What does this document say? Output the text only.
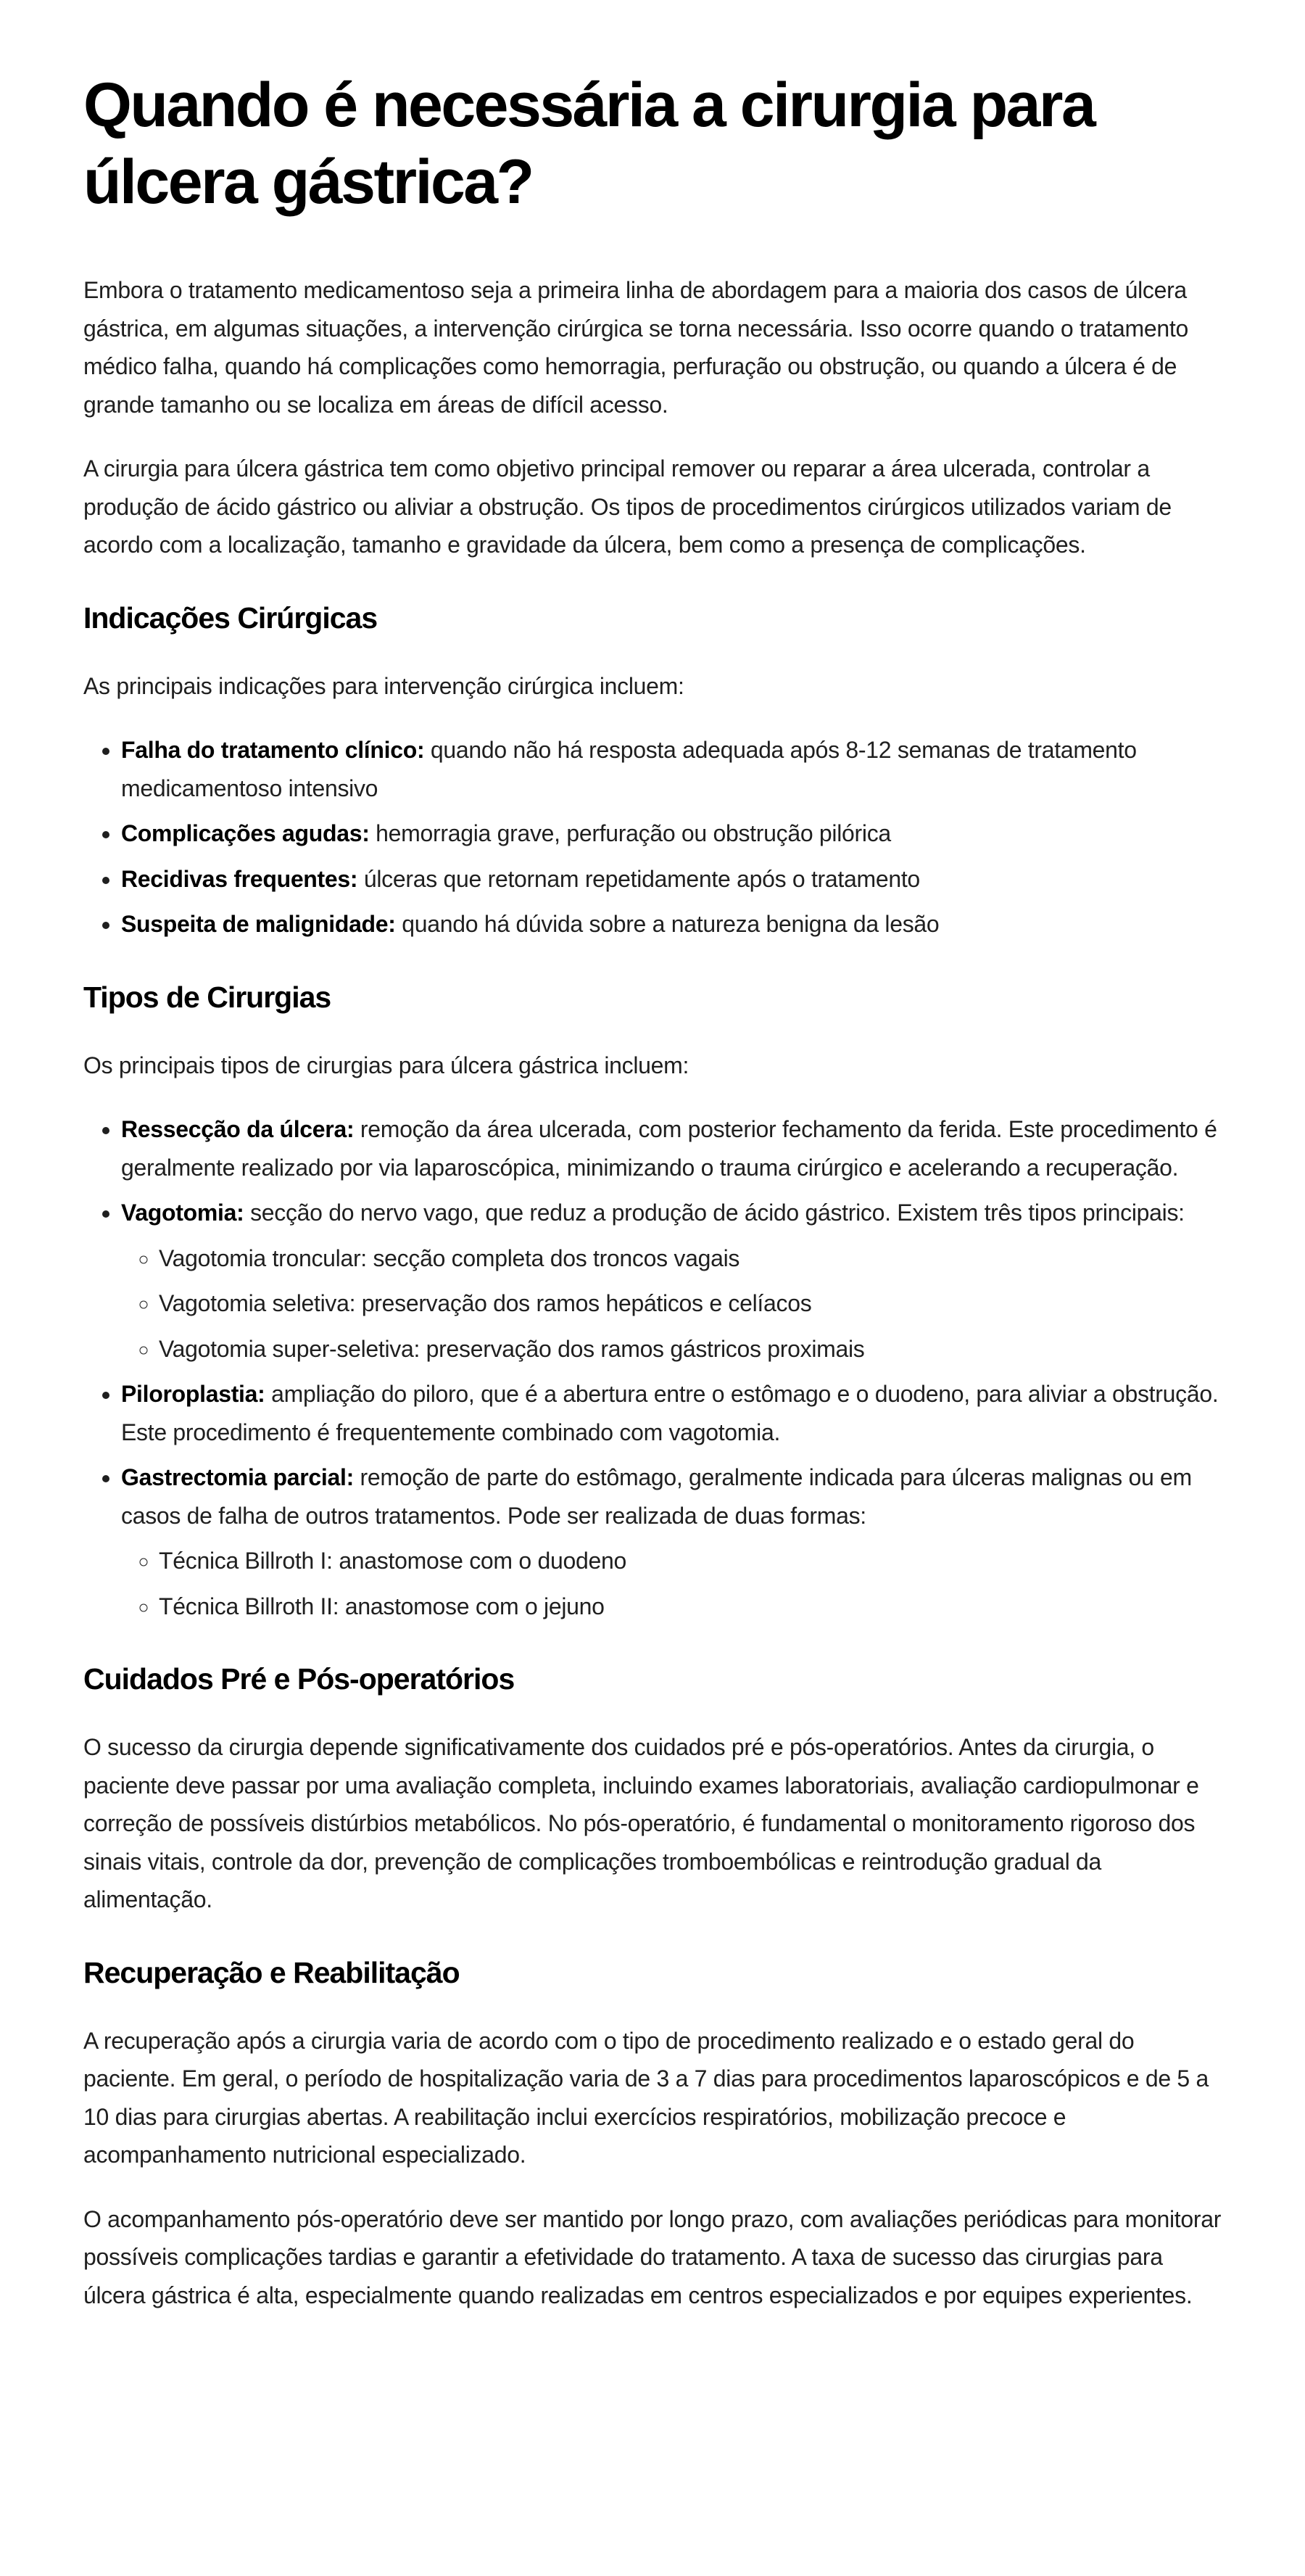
Quando é necessária a cirurgia para úlcera gástrica?

Embora o tratamento medicamentoso seja a primeira linha de abordagem para a maioria dos casos de úlcera gástrica, em algumas situações, a intervenção cirúrgica se torna necessária. Isso ocorre quando o tratamento médico falha, quando há complicações como hemorragia, perfuração ou obstrução, ou quando a úlcera é de grande tamanho ou se localiza em áreas de difícil acesso.

A cirurgia para úlcera gástrica tem como objetivo principal remover ou reparar a área ulcerada, controlar a produção de ácido gástrico ou aliviar a obstrução. Os tipos de procedimentos cirúrgicos utilizados variam de acordo com a localização, tamanho e gravidade da úlcera, bem como a presença de complicações.

Indicações Cirúrgicas

As principais indicações para intervenção cirúrgica incluem:

• Falha do tratamento clínico: quando não há resposta adequada após 8-12 semanas de tratamento medicamentoso intensivo
• Complicações agudas: hemorragia grave, perfuração ou obstrução pilórica
• Recidivas frequentes: úlceras que retornam repetidamente após o tratamento
• Suspeita de malignidade: quando há dúvida sobre a natureza benigna da lesão
Tipos de Cirurgias

Os principais tipos de cirurgias para úlcera gástrica incluem:

• Ressecção da úlcera: remoção da área ulcerada, com posterior fechamento da ferida. Este procedimento é geralmente realizado por via laparoscópica, minimizando o trauma cirúrgico e acelerando a recuperação.
• Vagotomia: secção do nervo vago, que reduz a produção de ácido gástrico. Existem três tipos principais:
◦ Vagotomia troncular: secção completa dos troncos vagais
◦ Vagotomia seletiva: preservação dos ramos hepáticos e celíacos
◦ Vagotomia super-seletiva: preservação dos ramos gástricos proximais
• Piloroplastia: ampliação do piloro, que é a abertura entre o estômago e o duodeno, para aliviar a obstrução. Este procedimento é frequentemente combinado com vagotomia.
• Gastrectomia parcial: remoção de parte do estômago, geralmente indicada para úlceras malignas ou em casos de falha de outros tratamentos. Pode ser realizada de duas formas:
◦ Técnica Billroth I: anastomose com o duodeno
◦ Técnica Billroth II: anastomose com o jejuno
Cuidados Pré e Pós-operatórios

O sucesso da cirurgia depende significativamente dos cuidados pré e pós-operatórios. Antes da cirurgia, o paciente deve passar por uma avaliação completa, incluindo exames laboratoriais, avaliação cardiopulmonar e correção de possíveis distúrbios metabólicos. No pós-operatório, é fundamental o monitoramento rigoroso dos sinais vitais, controle da dor, prevenção de complicações tromboembólicas e reintrodução gradual da alimentação.

Recuperação e Reabilitação

A recuperação após a cirurgia varia de acordo com o tipo de procedimento realizado e o estado geral do paciente. Em geral, o período de hospitalização varia de 3 a 7 dias para procedimentos laparoscópicos e de 5 a 10 dias para cirurgias abertas. A reabilitação inclui exercícios respiratórios, mobilização precoce e acompanhamento nutricional especializado.

O acompanhamento pós-operatório deve ser mantido por longo prazo, com avaliações periódicas para monitorar possíveis complicações tardias e garantir a efetividade do tratamento. A taxa de sucesso das cirurgias para úlcera gástrica é alta, especialmente quando realizadas em centros especializados e por equipes experientes.
